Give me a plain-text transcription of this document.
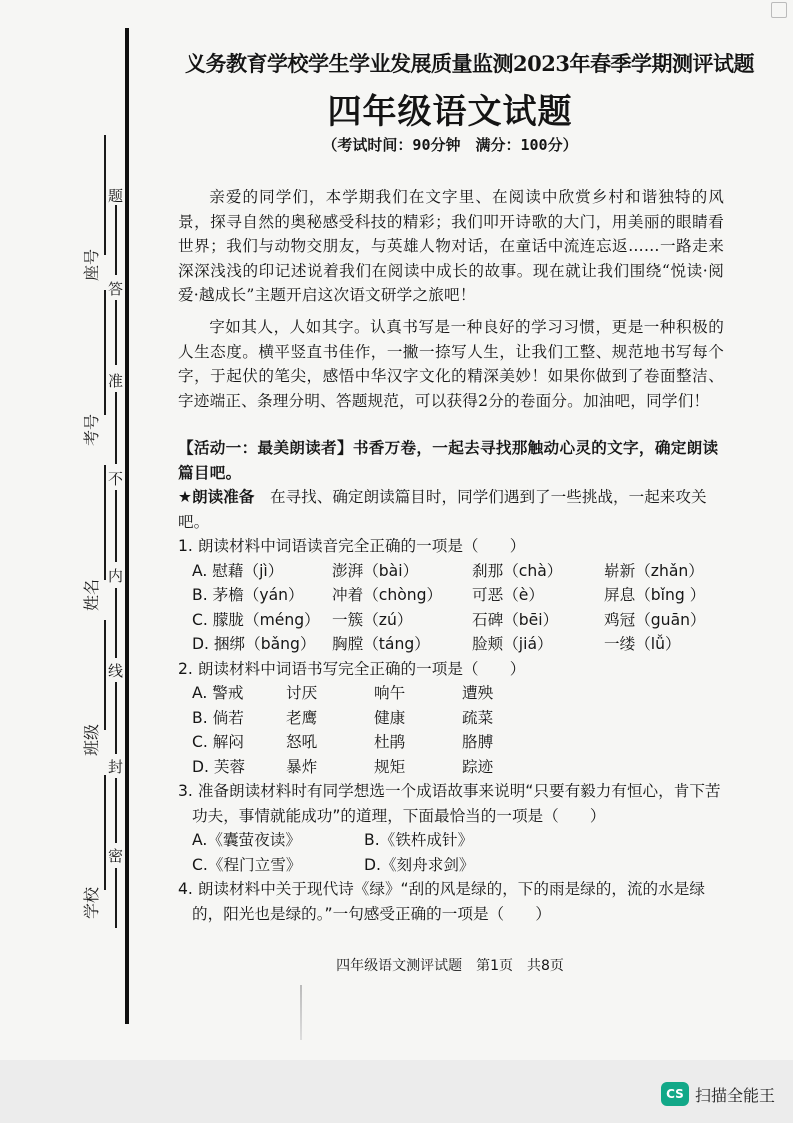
座号
考号
姓名
班级
学校
题
答
准
不
内
线
封
密
义务教育学校学生学业发展质量监测2023年春季学期测评试题
四年级语文试题
（考试时间：90分钟　满分：100分）

亲爱的同学们，本学期我们在文字里、在阅读中欣赏乡村和谐独特的风景，探寻自然的奥秘感受科技的精彩；我们叩开诗歌的大门，用美丽的眼睛看世界；我们与动物交朋友，与英雄人物对话，在童话中流连忘返……一路走来深深浅浅的印记述说着我们在阅读中成长的故事。现在就让我们围绕“悦读·阅爱·越成长”主题开启这次语文研学之旅吧！

字如其人，人如其字。认真书写是一种良好的学习习惯，更是一种积极的人生态度。横平竖直书佳作，一撇一捺写人生，让我们工整、规范地书写每个字，于起伏的笔尖，感悟中华汉字文化的精深美妙！如果你做到了卷面整洁、字迹端正、条理分明、答题规范，可以获得2分的卷面分。加油吧，同学们！

【活动一：最美朗读者】书香万卷，一起去寻找那触动心灵的文字，确定朗读篇目吧。

★朗读准备　在寻找、确定朗读篇目时，同学们遇到了一些挑战，一起来攻关吧。

1. 朗读材料中词语读音完全正确的一项是（　　）

A. 慰藉（jì）	澎湃（bài）	刹那（chà）	崭新（zhǎn）
B. 茅檐（yán）	冲着（chòng）	可恶（è）	屏息（bǐng ）
C. 朦胧（méng） 一簇（zú）	石碑（bēi）	鸡冠（guān）
D. 捆绑（bǎng）	胸膛（táng）	脸颊（jiá）	一缕（lǚ）

2. 朗读材料中词语书写完全正确的一项是（　　）

A. 警戒	讨厌	响午	遭殃
B. 倘若	老鹰	健康	疏菜
C. 解闷	怒吼	杜鹃	胳膊
D. 芙蓉	暴炸	规矩	踪迹

3. 准备朗读材料时有同学想选一个成语故事来说明“只要有毅力有恒心，肯下苦功夫，事情就能成功”的道理，下面最恰当的一项是（　　）

A.《囊萤夜读》	B.《铁杵成针》
C.《程门立雪》	D.《刻舟求剑》

4. 朗读材料中关于现代诗《绿》“刮的风是绿的，下的雨是绿的，流的水是绿的，阳光也是绿的。”一句感受正确的一项是（　　）

四年级语文测评试题　第1页　共8页
CS 扫描全能王
